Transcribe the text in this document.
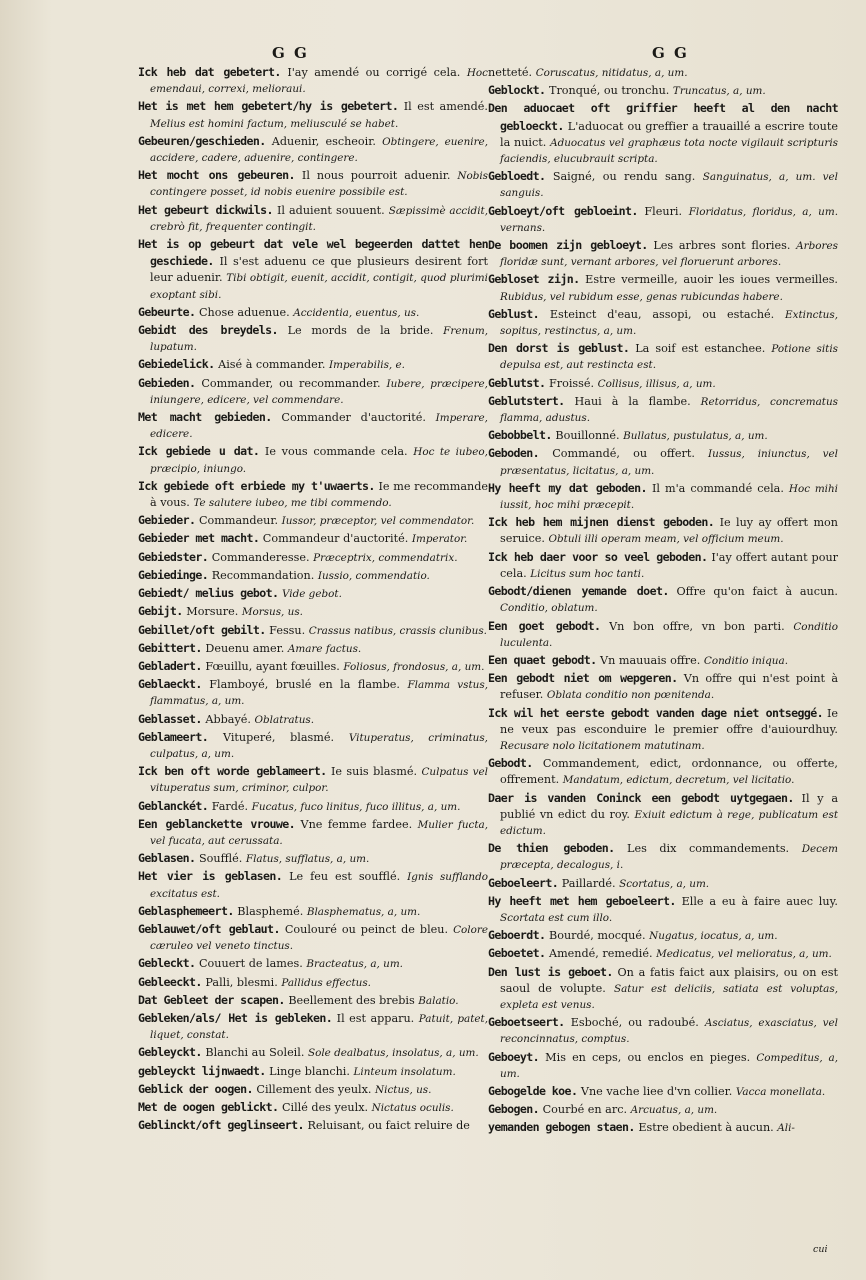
G G	G G

Ick heb dat gebetert. I'ay amendé ou corrigé cela. Hoc emendaui, correxi, melioraui.

Het is met hem gebetert/hy is gebetert. Il est amendé. Melius est homini factum, meliusculé se habet.

Gebeuren/geschieden. Aduenir, escheoir. Obtingere, euenire, accidere, cadere, aduenire, contingere.

Het mocht ons gebeuren. Il nous pourroit aduenir. Nobis contingere posset, id nobis euenire possibile est.

Het gebeurt dickwils. Il aduient souuent. Sæpissimè accidit, crebrò fit, frequenter contingit.

Het is op gebeurt dat vele wel begeerden dattet hen geschiede. Il s'est aduenu ce que plusieurs desirent fort leur aduenir. Tibi obtigit, euenit, accidit, contigit, quod plurimi exoptant sibi.

Gebeurte. Chose aduenue. Accidentia, euentus, us.

Gebidt des breydels. Le mords de la bride. Frenum, lupatum.

Gebiedelick. Aisé à commander. Imperabilis, e.

Gebieden. Commander, ou recommander. Iubere, præcipere, iniungere, edicere, vel commendare.

Met macht gebieden. Commander d'auctorité. Imperare, edicere.

Ick gebiede u dat. Ie vous commande cela. Hoc te iubeo, præcipio, iniungo.

Ick gebiede oft erbiede my t'uwaerts. Ie me recommande à vous. Te salutere iubeo, me tibi commendo.

Gebieder. Commandeur. Iussor, præceptor, vel commendator.

Gebieder met macht. Commandeur d'auctorité. Imperator.

Gebiedster. Commanderesse. Præceptrix, commendatrix.

Gebiedinge. Recommandation. Iussio, commendatio.

Gebiedt/ melius gebot. Vide gebot.

Gebijt. Morsure. Morsus, us.

Gebillet/oft gebilt. Fessu. Crassus natibus, crassis clunibus.

Gebittert. Deuenu amer. Amare factus.

Gebladert. Fœuillu, ayant fœuilles. Foliosus, frondosus, a, um.

Geblaeckt. Flamboyé, bruslé en la flambe. Flamma vstus, flammatus, a, um.

Geblasset. Abbayé. Oblatratus.

Geblameert. Vituperé, blasmé. Vituperatus, criminatus, culpatus, a, um.

Ick ben oft worde geblameert. Ie suis blasmé. Culpatus vel vituperatus sum, criminor, culpor.

Geblanckét. Fardé. Fucatus, fuco linitus, fuco illitus, a, um.

Een geblanckette vrouwe. Vne femme fardee. Mulier fucta, vel fucata, aut cerussata.

Geblasen. Soufflé. Flatus, sufflatus, a, um.

Het vier is geblasen. Le feu est soufflé. Ignis sufflando excitatus est.

Geblasphemeert. Blasphemé. Blasphematus, a, um.

Geblauwet/oft geblaut. Coulouré ou peinct de bleu. Colore cæruleo vel veneto tinctus.

Gebleckt. Couuert de lames. Bracteatus, a, um.

Gebleeckt. Palli, blesmi. Pallidus effectus.

Dat Gebleet der scapen. Beellement des brebis Balatio.

Gebleken/als/ Het is gebleken. Il est apparu. Patuit, patet, liquet, constat.

Gebleyckt. Blanchi au Soleil. Sole dealbatus, insolatus, a, um.

gebleyckt lijnwaedt. Linge blanchi. Linteum insolatum.

Geblick der oogen. Cillement des yeulx. Nictus, us.

Met de oogen geblickt. Cillé des yeulx. Nictatus oculis.

Geblinckt/oft geglinseert. Reluisant, ou faict reluire de

netteté. Coruscatus, nitidatus, a, um.

Geblockt. Tronqué, ou tronchu. Truncatus, a, um.

Den aduocaet oft griffier heeft al den nacht gebloeckt. L'aduocat ou greffier a trauaillé a escrire toute la nuict. Aduocatus vel graphæus tota nocte vigilauit scripturis faciendis, elucubrauit scripta.

Gebloedt. Saigné, ou rendu sang. Sanguinatus, a, um. vel sanguis.

Gebloeyt/oft gebloeint. Fleuri. Floridatus, floridus, a, um. vernans.

De boomen zijn gebloeyt. Les arbres sont flories. Arbores floridæ sunt, vernant arbores, vel floruerunt arbores.

Gebloset zijn. Estre vermeille, auoir les ioues vermeilles. Rubidus, vel rubidum esse, genas rubicundas habere.

Geblust. Esteinct d'eau, assopi, ou estaché. Extinctus, sopitus, restinctus, a, um.

Den dorst is geblust. La soif est estanchee. Potione sitis depulsa est, aut restincta est.

Geblutst. Froissé. Collisus, illisus, a, um.

Geblutstert. Haui à la flambe. Retorridus, concrematus flamma, adustus.

Gebobbelt. Bouillonné. Bullatus, pustulatus, a, um.

Geboden. Commandé, ou offert. Iussus, iniunctus, vel præsentatus, licitatus, a, um.

Hy heeft my dat geboden. Il m'a commandé cela. Hoc mihi iussit, hoc mihi præcepit.

Ick heb hem mijnen dienst geboden. Ie luy ay offert mon seruice. Obtuli illi operam meam, vel officium meum.

Ick heb daer voor so veel geboden. I'ay offert autant pour cela. Licitus sum hoc tanti.

Gebodt/dienen yemande doet. Offre qu'on faict à aucun. Conditio, oblatum.

Een goet gebodt. Vn bon offre, vn bon parti. Conditio luculenta.

Een quaet gebodt. Vn mauuais offre. Conditio iniqua.

Een gebodt niet om wepgeren. Vn offre qui n'est point à refuser. Oblata conditio non pœnitenda.

Ick wil het eerste gebodt vanden dage niet ontseggé. Ie ne veux pas esconduire le premier offre d'auiourdhuy. Recusare nolo licitationem matutinam.

Gebodt. Commandement, edict, ordonnance, ou offerte, offrement. Mandatum, edictum, decretum, vel licitatio.

Daer is vanden Coninck een gebodt uytgegaen. Il y a publié vn edict du roy. Exiuit edictum à rege, publicatum est edictum.

De thien geboden. Les dix commandements. Decem præcepta, decalogus, i.

Geboeleert. Paillardé. Scortatus, a, um.

Hy heeft met hem geboeleert. Elle a eu à faire auec luy. Scortata est cum illo.

Geboerdt. Bourdé, mocqué. Nugatus, iocatus, a, um.

Geboetet. Amendé, remedié. Medicatus, vel melioratus, a, um.

Den lust is geboet. On a fatis faict aux plaisirs, ou on est saoul de volupte. Satur est deliciis, satiata est voluptas, expleta est venus.

Geboetseert. Esboché, ou radoubé. Asciatus, exasciatus, vel reconcinnatus, comptus.

Geboeyt. Mis en ceps, ou enclos en pieges. Compeditus, a, um.

Gebogelde koe. Vne vache liee d'vn collier. Vacca monellata.

Gebogen. Courbé en arc. Arcuatus, a, um.

yemanden gebogen staen. Estre obedient à aucun. Ali-

cui
